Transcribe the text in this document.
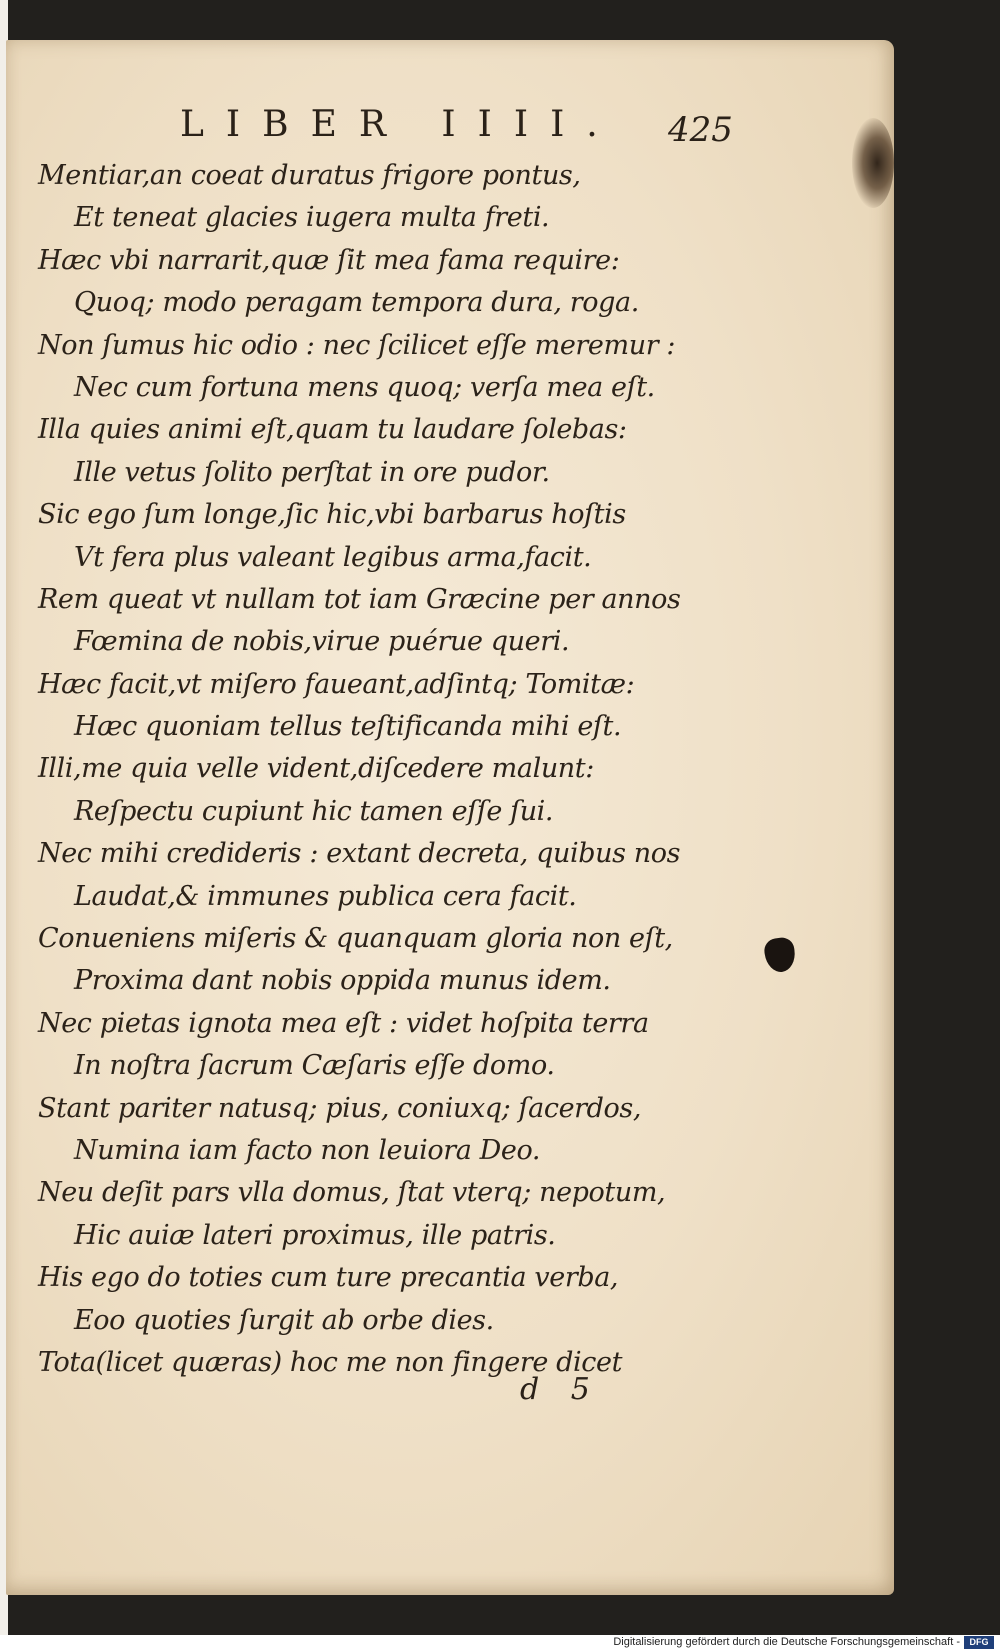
LIBER IIII. 425
Mentiar,an coeat duratus frigore pontus,
Et teneat glacies iugera multa freti.
Hæc vbi narrarit,quæ ſit mea fama require:
Quoq; modo peragam tempora dura, roga.
Non ſumus hic odio : nec ſcilicet eſſe meremur :
Nec cum fortuna mens quoq; verſa mea eſt.
Illa quies animi eſt,quam tu laudare ſolebas:
Ille vetus ſolito perſtat in ore pudor.
Sic ego ſum longe,ſic hic,vbi barbarus hoſtis
Vt fera plus valeant legibus arma,facit.
Rem queat vt nullam tot iam Græcine per annos
Fœmina de nobis,virue puérue queri.
Hæc facit,vt miſero faueant,adſintq; Tomitæ:
Hæc quoniam tellus teſtificanda mihi eſt.
Illi,me quia velle vident,diſcedere malunt:
Reſpectu cupiunt hic tamen eſſe ſui.
Nec mihi credideris : extant decreta, quibus nos
Laudat,& immunes publica cera facit.
Conueniens miſeris & quanquam gloria non eſt,
Proxima dant nobis oppida munus idem.
Nec pietas ignota mea eſt : videt hoſpita terra
In noſtra ſacrum Cæſaris eſſe domo.
Stant pariter natusq; pius, coniuxq; ſacerdos,
Numina iam facto non leuiora Deo.
Neu deſit pars vlla domus, ſtat vterq; nepotum,
Hic auiæ lateri proximus, ille patris.
His ego do toties cum ture precantia verba,
Eoo quoties ſurgit ab orbe dies.
Tota(licet quæras) hoc me non fingere dicet
d 5
Digitalisierung gefördert durch die Deutsche Forschungsgemeinschaft -	DFG
